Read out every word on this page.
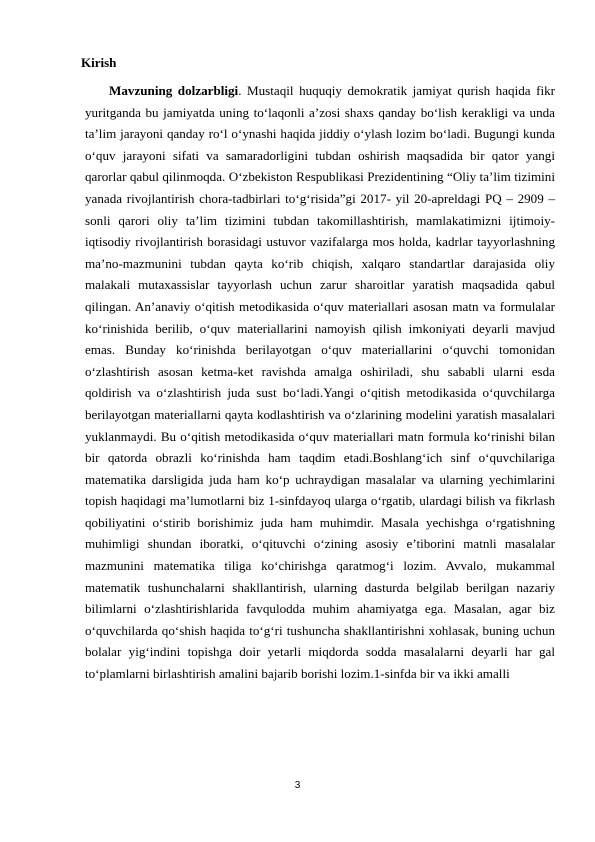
Kirish

Mavzuning dolzarbligi. Mustaqil huquqiy demokratik jamiyat qurish haqida fikr yuritganda bu jamiyatda uning to‘laqonli a’zosi shaxs qanday bo‘lish kerakligi va unda ta’lim jarayoni qanday ro‘l o‘ynashi haqida jiddiy o‘ylash lozim bo‘ladi. Bugungi kunda o‘quv jarayoni sifati va samaradorligini tubdan oshirish maqsadida bir qator yangi qarorlar qabul qilinmoqda. O‘zbekiston Respublikasi Prezidentining “Oliy ta’lim tizimini yanada rivojlantirish chora-tadbirlari to‘g‘risida”gi 2017- yil 20-apreldagi PQ – 2909 – sonli qarori oliy ta’lim tizimini tubdan takomillashtirish, mamlakatimizni ijtimoiy-iqtisodiy rivojlantirish borasidagi ustuvor vazifalarga mos holda, kadrlar tayyorlashning ma’no-mazmunini tubdan qayta ko‘rib chiqish, xalqaro standartlar darajasida oliy malakali mutaxassislar tayyorlash uchun zarur sharoitlar yaratish maqsadida qabul qilingan. An’anaviy o‘qitish metodikasida o‘quv materiallari asosan matn va formulalar ko‘rinishida berilib, o‘quv materiallarini namoyish qilish imkoniyati deyarli mavjud emas. Bunday ko‘rinishda berilayotgan o‘quv materiallarini o‘quvchi tomonidan o‘zlashtirish asosan ketma-ket ravishda amalga oshiriladi, shu sababli ularni esda qoldirish va o‘zlashtirish juda sust bo‘ladi.Yangi o‘qitish metodikasida o‘quvchilarga berilayotgan materiallarni qayta kodlashtirish va o‘zlarining modelini yaratish masalalari yuklanmaydi. Bu o‘qitish metodikasida o‘quv materiallari matn formula ko‘rinishi bilan bir qatorda obrazli ko‘rinishda ham taqdim etadi.Boshlang‘ich sinf o‘quvchilariga matematika darsligida juda ham ko‘p uchraydigan masalalar va ularning yechimlarini topish haqidagi ma’lumotlarni biz 1-sinfdayoq ularga o‘rgatib, ulardagi bilish va fikrlash qobiliyatini o‘stirib borishimiz juda ham muhimdir. Masala yechishga o‘rgatishning muhimligi shundan iboratki, o‘qituvchi o‘zining asosiy e’tiborini matnli masalalar mazmunini matematika tiliga ko‘chirishga qaratmog‘i lozim. Avvalo, mukammal matematik tushunchalarni shakllantirish, ularning dasturda belgilab berilgan nazariy bilimlarni o‘zlashtirishlarida favqulodda muhim ahamiyatga ega. Masalan, agar biz o‘quvchilarda qo‘shish haqida to‘g‘ri tushuncha shakllantirishni xohlasak, buning uchun bolalar yig‘indini topishga doir yetarli miqdorda sodda masalalarni deyarli har gal to‘plamlarni birlashtirish amalini bajarib borishi lozim.1-sinfda bir va ikki amalli

3
